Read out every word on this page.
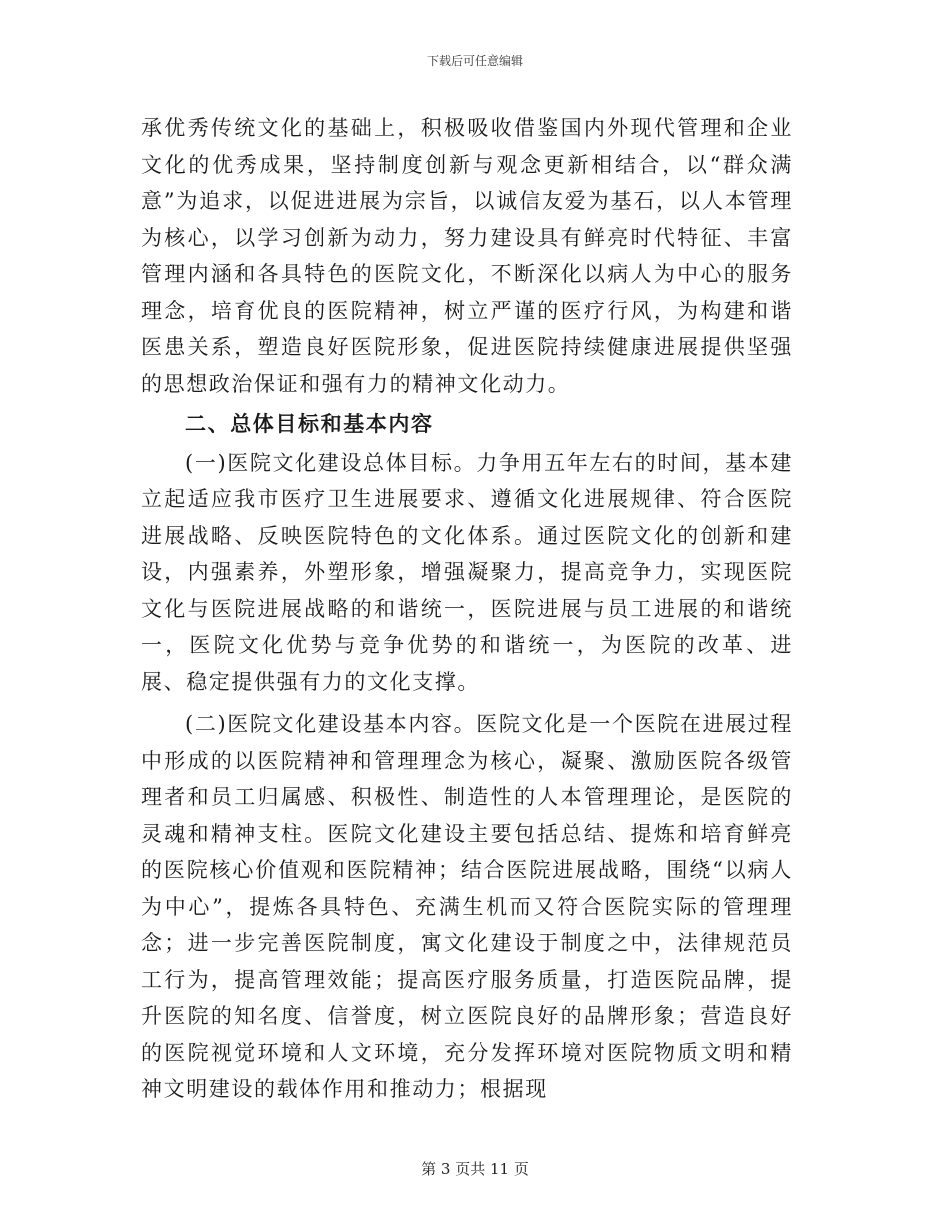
下载后可任意编辑

承优秀传统文化的基础上，积极吸收借鉴国内外现代管理和企业文化的优秀成果，坚持制度创新与观念更新相结合，以“群众满意”为追求，以促进进展为宗旨，以诚信友爱为基石，以人本管理为核心，以学习创新为动力，努力建设具有鲜亮时代特征、丰富管理内涵和各具特色的医院文化，不断深化以病人为中心的服务理念，培育优良的医院精神，树立严谨的医疗行风，为构建和谐医患关系，塑造良好医院形象，促进医院持续健康进展提供坚强的思想政治保证和强有力的精神文化动力。

二、总体目标和基本内容

(一)医院文化建设总体目标。力争用五年左右的时间，基本建立起适应我市医疗卫生进展要求、遵循文化进展规律、符合医院进展战略、反映医院特色的文化体系。通过医院文化的创新和建设，内强素养，外塑形象，增强凝聚力，提高竞争力，实现医院文化与医院进展战略的和谐统一，医院进展与员工进展的和谐统一，医院文化优势与竞争优势的和谐统一，为医院的改革、进展、稳定提供强有力的文化支撑。

(二)医院文化建设基本内容。医院文化是一个医院在进展过程中形成的以医院精神和管理理念为核心，凝聚、激励医院各级管理者和员工归属感、积极性、制造性的人本管理理论，是医院的灵魂和精神支柱。医院文化建设主要包括总结、提炼和培育鲜亮的医院核心价值观和医院精神；结合医院进展战略，围绕“以病人为中心”，提炼各具特色、充满生机而又符合医院实际的管理理念；进一步完善医院制度，寓文化建设于制度之中，法律规范员工行为，提高管理效能；提高医疗服务质量，打造医院品牌，提升医院的知名度、信誉度，树立医院良好的品牌形象；营造良好的医院视觉环境和人文环境，充分发挥环境对医院物质文明和精神文明建设的载体作用和推动力；根据现

第 3 页共 11 页
